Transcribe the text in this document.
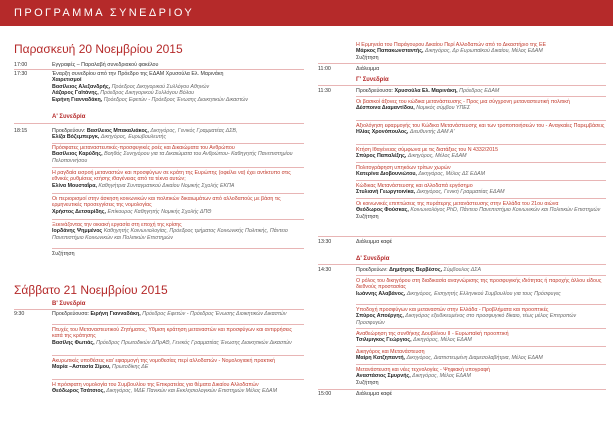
ΠΡΟΓΡΑΜΜΑ ΣΥΝΕΔΡΙΟΥ
Παρασκευή 20 Νοεμβρίου 2015
17:00	Εγγραφές – Παραλαβή συνεδριακού φακέλου
17:30	Έναρξη συνεδρίου από την Πρόεδρο της ΕΔΑΜ Χρυσούλα Ελ. Μαρινάκη
Χαιρετισμοί
Βασίλειος Αλεξανδρής, Πρόεδρος Δικηγορικού Συλλόγου Αθηνών
Λάζαρος Γαϊτάνης, Πρόεδρος Δικηγορικού Συλλόγου Βόλου
Ειρήνη Γιανναδάκη, Πρόεδρος Εφετών - Πρόεδρος Ένωσης Διοικητικών Δικαστών
Α' Συνεδρία
18:15	Προεδρεύουν: Βασίλειος Μπακαλιάκος, Δικηγόρος, Γενικός Γραμματέας ΔΣΒ,
Ελίζα Βόζεμπεργκ, Δικηγόρος, Ευρωβουλευτής
Πρόσφατες μεταναστευτικές-προσφυγικές ροές και Δικαιώματα του Ανθρώπου
Βασίλειος Καρύδης, Βοηθός Συνηγόρου για τα Δικαιώματα του Ανθρώπου- Καθηγητής Πανεπιστημίου Πελοποννήσου
Η ραγδαία εισροή μεταναστών και προσφύγων σε κράτη της Ευρώπης (οφείλει να) έχει αντίκτυπο στις εθνικές ρυθμίσεις κτήσης ιθαγένειας από τα τέκνα αυτών;
Ελίνα Μουσταΐρα, Καθηγήτρια Συνταγματικού Δικαίου Νομικής Σχολής ΕΚΠΑ
Οι περιορισμοί στην άσκηση κοινωνικών και πολιτικών δικαιωμάτων από αλλοδαπούς με βάση τις ερμηνευτικές προσεγγίσεις της νομολογίας
Χρήστος Δετσαρίδης, Επίκουρος Καθηγητής Νομικής Σχολής ΔΠΘ
Ξεκινάζοντας την οικιακή εργασία στη εποχή της κρίσης
Ιορδάνης Ψημμένος Καθηγητής Κοινωνιολογίας, Πρόεδρος τμήματος Κοινωνικής Πολιτικής, Πάντειο Πανεπιστήμιο Κοινωνικών και Πολιτικών Επιστημών
Συζήτηση
Σάββατο 21 Νοεμβρίου 2015
Β' Συνεδρία
9:30	Προεδρεύουσα: Ειρήνη Γιανναδάκη, Πρόεδρος Εφετών - Πρόεδρος Ένωσης Διοικητικών Δικαστών
Πτυχές του Μεταναστευτικού Ζητήματος, Υθμιση κράτηση μεταναστών και προσφύγων και αντιρρήσεις κατά της κράτησης
Βασίλης Φωτιάς, Πρόεδρος Πρωτοδικών ΔΠρΑΘ, Γενικός Γραμματέας Ένωσης Διοικητικών Δικαστών
Ακυρωτικές υποθέσεις και' εφαρμογή της νομοθεσίας περί αλλοδαπών - Νομολογιακή πρακτική
Μαρία –Αστασία Σίμου, Πρωτοδίκης ΔΕ
Η πρόσφατη νομολογία του Συμβουλίου της Επικρατείας για θέματα Δικαίου Αλλοδαπών
Θεόδωρος Τσάτσιος, Δικηγόρος, ΜΔΕ Πανικών και Εκκλησιολογικών Επιστημών Μέλος ΕΔΑΜ
Η Ερμηνεία του Παράγουρου Δικαίου Περί Αλλοδαπών από το Δικαστήριο της ΕΕ
Μάρκος Παπακωνσταντής, Δικηγόρος, Δρ Ευρωπαϊκού Δικαίου, Μέλος ΕΔΑΜ
Συζήτηση
11:00	Διάλειμμα
Γ' Συνεδρία
11:30	Προεδρεύουσα: Χρυσούλα Ελ. Μαρινάκη, Πρόεδρος ΕΔΑΜ
Οι βασικοί άξονες του κώδικα μετανάστευσης - Προς μια σύγχρονη μεταναστευτική πολιτική
Δέσποινα Διαμαντίδου, Νομικός σύμβου ΥΠΕΣ
Αξιολόγηση εφαρμογής του Κώδικα Μετανάστευσης και των τροποποιήσεών του - Αναγκαίες Παρεμβάσεις
Ηλίας Χρονόπουλος, Διευθυντής ΔΑΜ Α'
Κτήση Ιθαγένειας σύμφωνα με τις διατάξεις του Ν 4332/2015
Σπύρος Παπαλέξης, Δικηγόρος, Μέλος ΕΔΑΜ
Πολιτογράφηση υπηκόων τρίτων χωρών
Κατερίνα Διοβουνιώτου, Δικηγόρος, Μέλος ΔΣ ΕΔΑΜ
Κώδικας Μετανάστευσης και αλλοδαπά εργόσημο
Στυλιανή Γεωργτοινίκα, Δικηγόρος, Γενική Γραμματέας ΕΔΑΜ
Οι κοινωνικές επιπτώσεις της πυράτερης μετανάστευσης στην Ελλάδα του 21ου αιώνα
Θεόδωρος Φούσκας, Κοινωνιολόγος PhD, Πάντειο Πανεπιστήμιο Κοινωνικών και Πολιτικών Επιστημών
Συζήτηση
13:30	Διάλειμμα καφέ
Δ' Συνεδρία
14:30	Προεδρεύων: Δημήτρης Βερβέσος, Σύμβουλος ΔΣΑ
Ο ρόλος του δικηγόρου στη διαδικασία αναγνώρισης της προσφυγικής ιδιότητας ή παροχής άλλου είδους διεθνούς προστασίας
Ιωάννης Αλαβάνος, Δικηγόρος, Εισηγητής Ελληνικού Συμβουλίου για τους Πρόσφυγες
Υποδοχή προσφύγων και μεταναστών στην Ελλάδα - Προβλήματα και προοπτικές
Σπύρος Αποέργης, Δικηγόρος εξειδικευμένος στο προσφυγικό δίκαιο, τέως μέλος Επιτροπών Προσφυγών
Αναθεώρηση της συνθήκης Δουβλίνου ΙΙ - Ευρωπαϊκή προοπτική
Τσιλιμιγκος Γεώργιος, Δικηγόρος, Μέλος ΕΔΑΜ
Δικηγόρος και Μετανάστευση
Μαίρη Κατζηπαντή, Δικηγόρος, Διαπιστευμένη Διαμεσολαβήτρια, Μέλος ΕΔΑΜ
Μετανάστευση και νέες τεχνολογίες - Ψηφιακή υπογραφή
Αναστάσιος Σμυρνής, Δικηγόρος, Μέλος ΕΔΑΜ
Συζήτηση
15:00	Διάλειμμα καφέ
